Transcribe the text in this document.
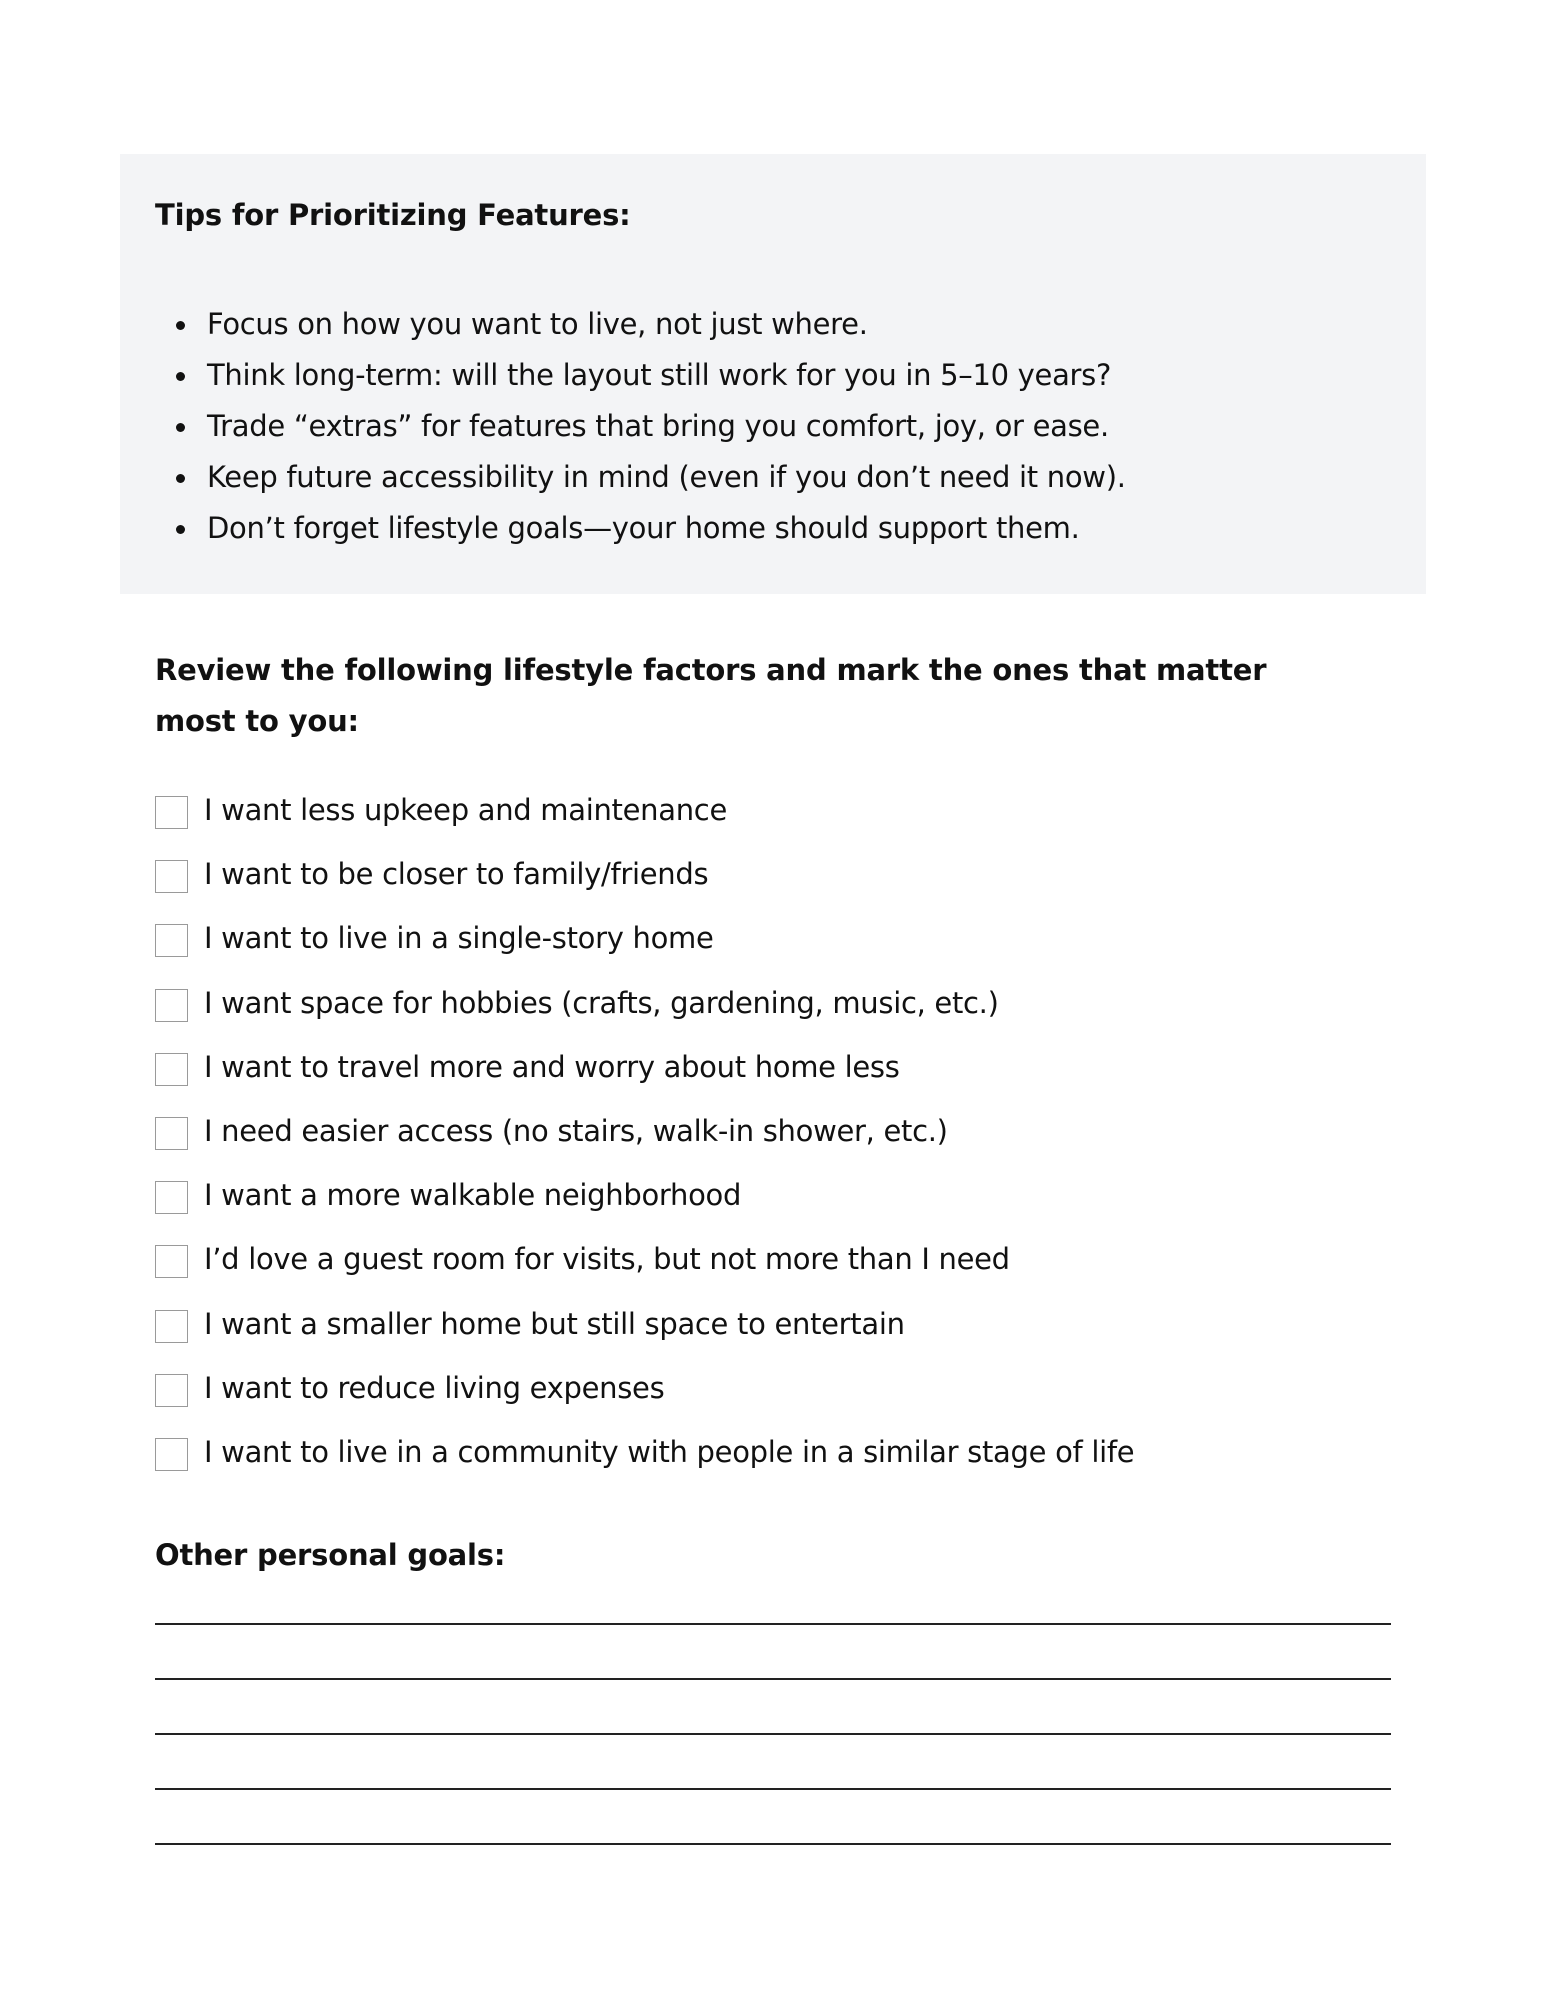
Tips for Prioritizing Features:
Focus on how you want to live, not just where.
Think long-term: will the layout still work for you in 5–10 years?
Trade “extras” for features that bring you comfort, joy, or ease.
Keep future accessibility in mind (even if you don’t need it now).
Don’t forget lifestyle goals—your home should support them.
Review the following lifestyle factors and mark the ones that matter
most to you:
I want less upkeep and maintenance
I want to be closer to family/friends
I want to live in a single-story home
I want space for hobbies (crafts, gardening, music, etc.)
I want to travel more and worry about home less
I need easier access (no stairs, walk-in shower, etc.)
I want a more walkable neighborhood
I’d love a guest room for visits, but not more than I need
I want a smaller home but still space to entertain
I want to reduce living expenses
I want to live in a community with people in a similar stage of life
Other personal goals:
